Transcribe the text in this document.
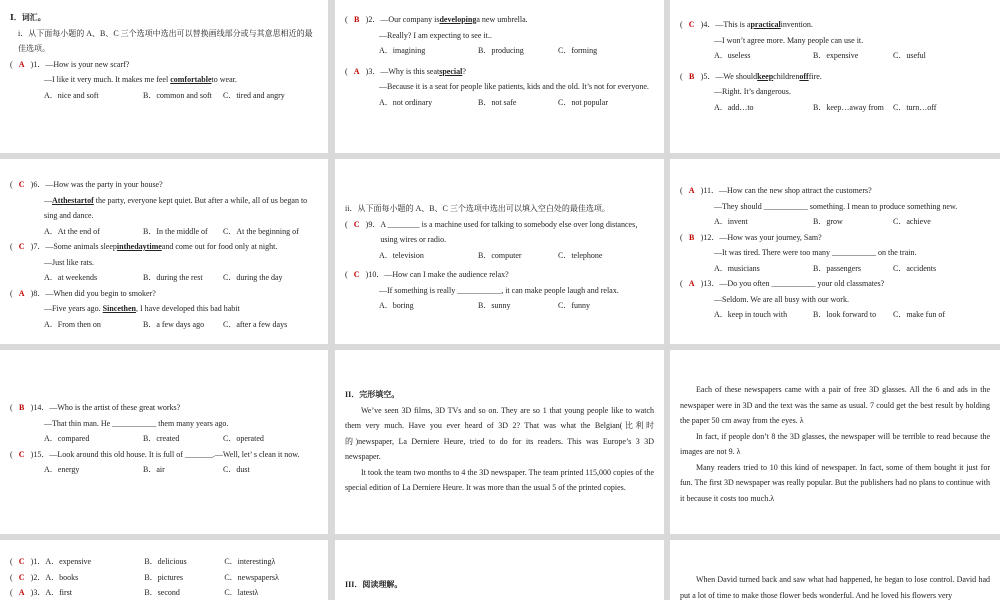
Ⅰ．词汇。
i．从下面每小题的 A、B、C 三个选项中选出可以替换画线部分或与其意思相近的最佳选项。
( A ) 1 ． —How is your new scarf?
—I like it very much. It makes me feel comfortableto wear.
A．nice and soft	B．common and soft	C．tired and angry
( B ) 2 ． —Our company is developing a new umbrella.
—Really? I am expecting to see it..
A．imagining	B．producing	C．forming
( A ) 3 ． —Why is this seat special ?
—Because it is a seat for people like patients, kids and the old. It’s not for everyone.
A．not ordinary	B．not safe	C．not popular
( C ) 4 ． —This is a practical invention.
—I won’t agree more. Many people can use it.
A．useless	B．expensive	C．useful
( B ) 5 ． —We should keep children off fire.
—Right. It’s dangerous.
A．add…to	B．keep…away from	C．turn…off
( C ) 6 ． —How was the party in your house?
—Atthestartof the party, everyone kept quiet. But after a while, all of us began to sing and dance.
A．At the end of	B．In the middle of	C．At the beginning of
( C ) 7 ． —Some animals sleep inthedaytime and come out for food only at night.
—Just like rats.
A．at weekends	B．during the rest	C．during the day
( A ) 8 ． —When did you begin to smoker?
—Five years ago. Sincethen, I have developed this bad habit
A．From then on	B．a few days ago	C．after a few days
ii．从下面每小题的 A、B、C 三个选项中选出可以填入空白处的最佳选项。
( C )9． A ________ is a machine used for talking to somebody else over long distances，using wires or radio.
A．television	B．computer	C．telephone
( C ) 10 ． —How can I make the audience relax?
—If something is really ___________, it can make people laugh and relax.
A．boring	B．sunny	C．funny
( A ) 11 ． —How can the new shop attract the customers?
—They should ___________ something. I mean to produce something new.
A．invent	B．grow	C．achieve
( B ) 12 ． —How was your journey, Sam?
—It was tired. There were too many ___________ on the train.
A．musicians	B．passengers	C．accidents
( A ) 13 ． —Do you often ___________ your old classmates?
—Seldom. We are all busy with our work.
A．keep in touch with	B．look forward to	C．make fun of
( B ) 14 ． —Who is the artist of these great works?
—That thin man. He ___________ them many years ago.
A．compared	B．created	C．operated
( C ) 15 ． —Look around this old house. It is full of _______.—Well, let’ s clean it now.
A．energy	B．air	C．dust
II．完形填空。

We’ve seen 3D films, 3D TVs and so on. They are so 1 that young people like to watch them very much. Have you ever heard of 3D 2? That was what the Belgian(比利时的)newspaper, La Derniere Heure, tried to do for its readers. This was Europe’s 3 3D newspaper.

It took the team two months to 4 the 3D newspaper. The team printed 115,000 copies of the special edition of La Derniere Heure. It was more than the usual 5 of the printed copies.

Each of these newspapers came with a pair of free 3D glasses. All the 6 and ads in the newspaper were in 3D and the text was the same as usual. 7 could get the best result by holding the paper 50 cm away from the eyes. λ

In fact, if people don’t 8 the 3D glasses, the newspaper will be terrible to read because the images are not 9. λ

Many readers tried to 10 this kind of newspaper. In fact, some of them bought it just for fun. The first 3D newspaper was really popular. But the publishers had no plans to continue with it because it costs too much.λ

( C ) 1 ． A．expensive	B．delicious	C．interestingλ
( C ) 2 ． A．books	B．pictures	C．newspapersλ
( A ) 3 ． A．first	B．second	C．latestλ
III．阅读理解。

When David turned back and saw what had happened, he began to lose control. David had put a lot of time to make those flower beds wonderful. And he loved his flowers very
